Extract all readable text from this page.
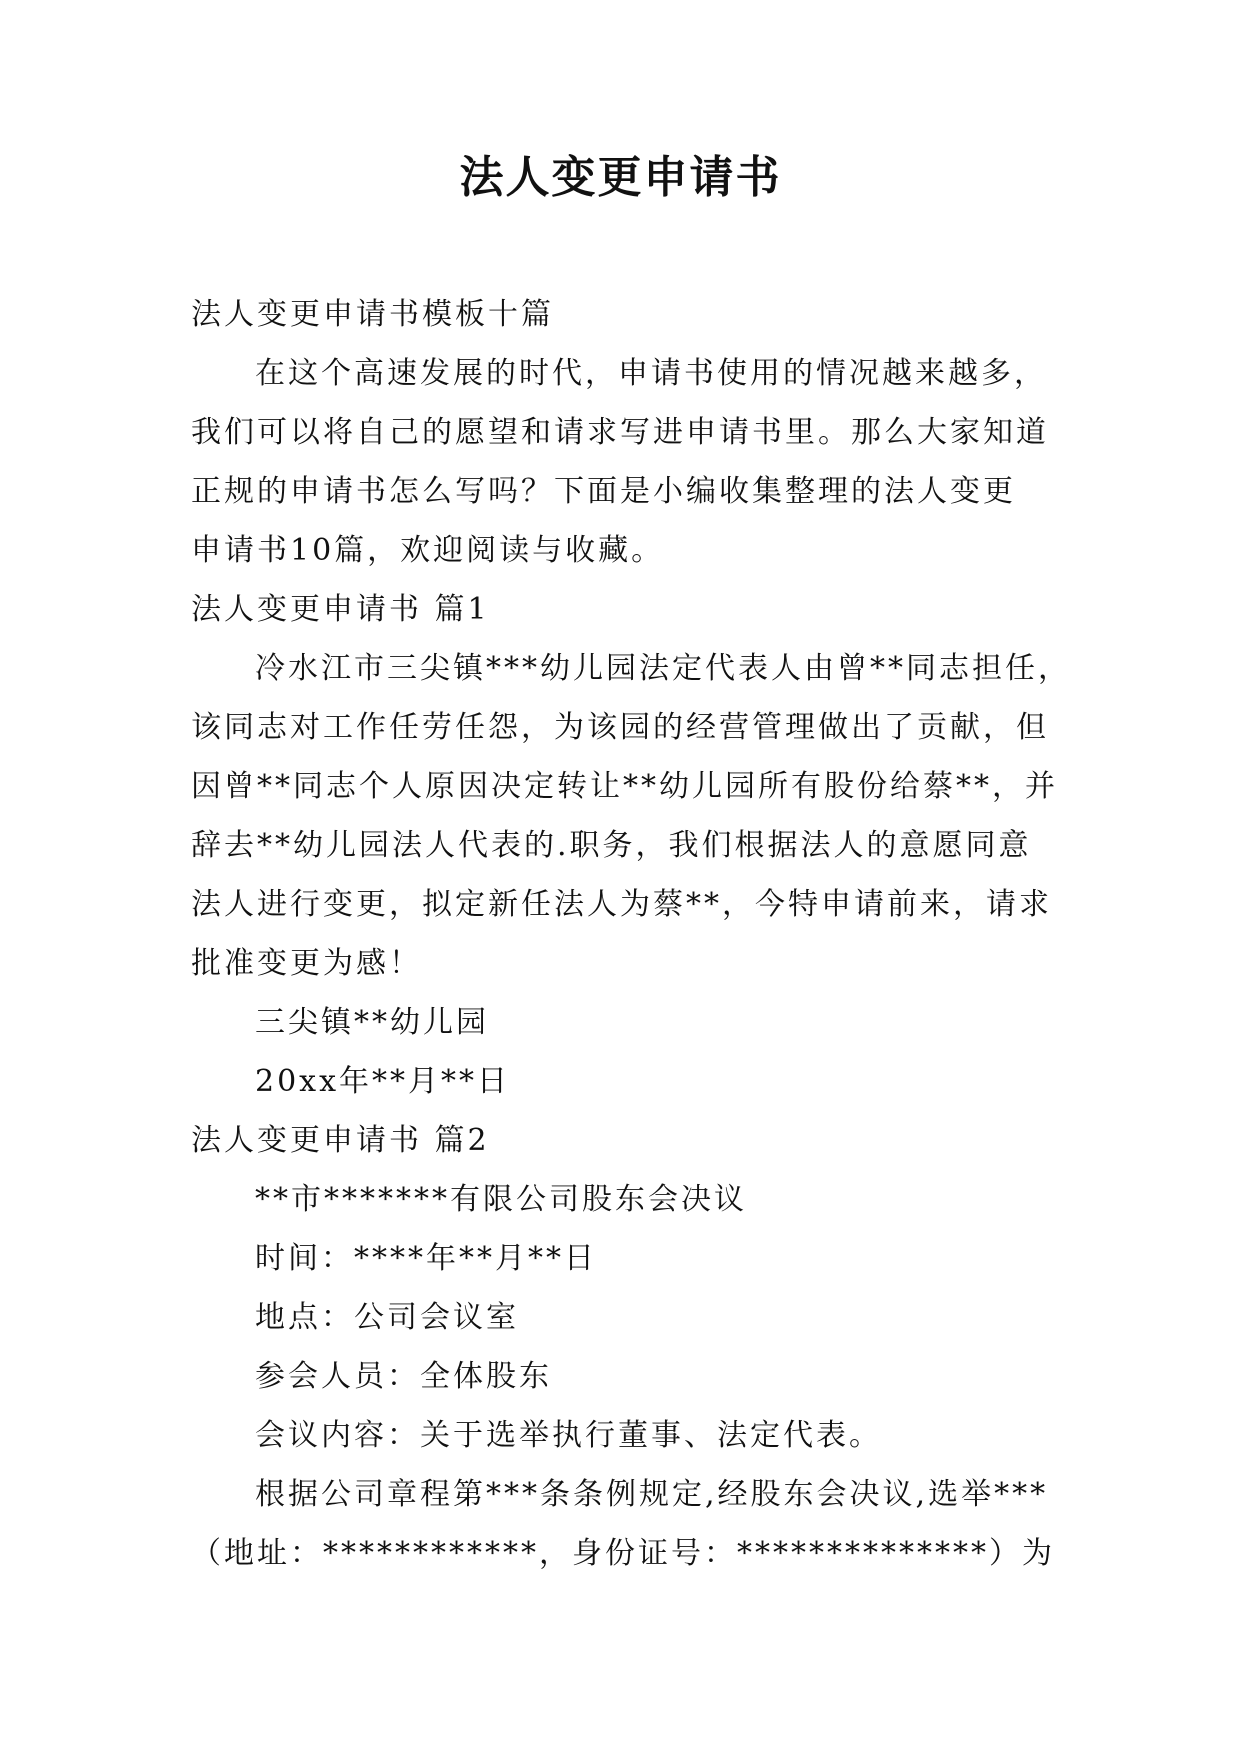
法人变更申请书
法人变更申请书模板十篇
在这个高速发展的时代，申请书使用的情况越来越多，
我们可以将自己的愿望和请求写进申请书里。那么大家知道
正规的申请书怎么写吗？下面是小编收集整理的法人变更
申请书10篇，欢迎阅读与收藏。
法人变更申请书 篇1
冷水江市三尖镇***幼儿园法定代表人由曾**同志担任，
该同志对工作任劳任怨，为该园的经营管理做出了贡献，但
因曾**同志个人原因决定转让**幼儿园所有股份给蔡**，并
辞去**幼儿园法人代表的.职务，我们根据法人的意愿同意
法人进行变更，拟定新任法人为蔡**，今特申请前来，请求
批准变更为感！
三尖镇**幼儿园
20xx年**月**日
法人变更申请书 篇2
**市*******有限公司股东会决议
时间：****年**月**日
地点：公司会议室
参会人员：全体股东
会议内容：关于选举执行董事、法定代表。
根据公司章程第***条条例规定,经股东会决议,选举***
（地址：************，身份证号：**************）为
